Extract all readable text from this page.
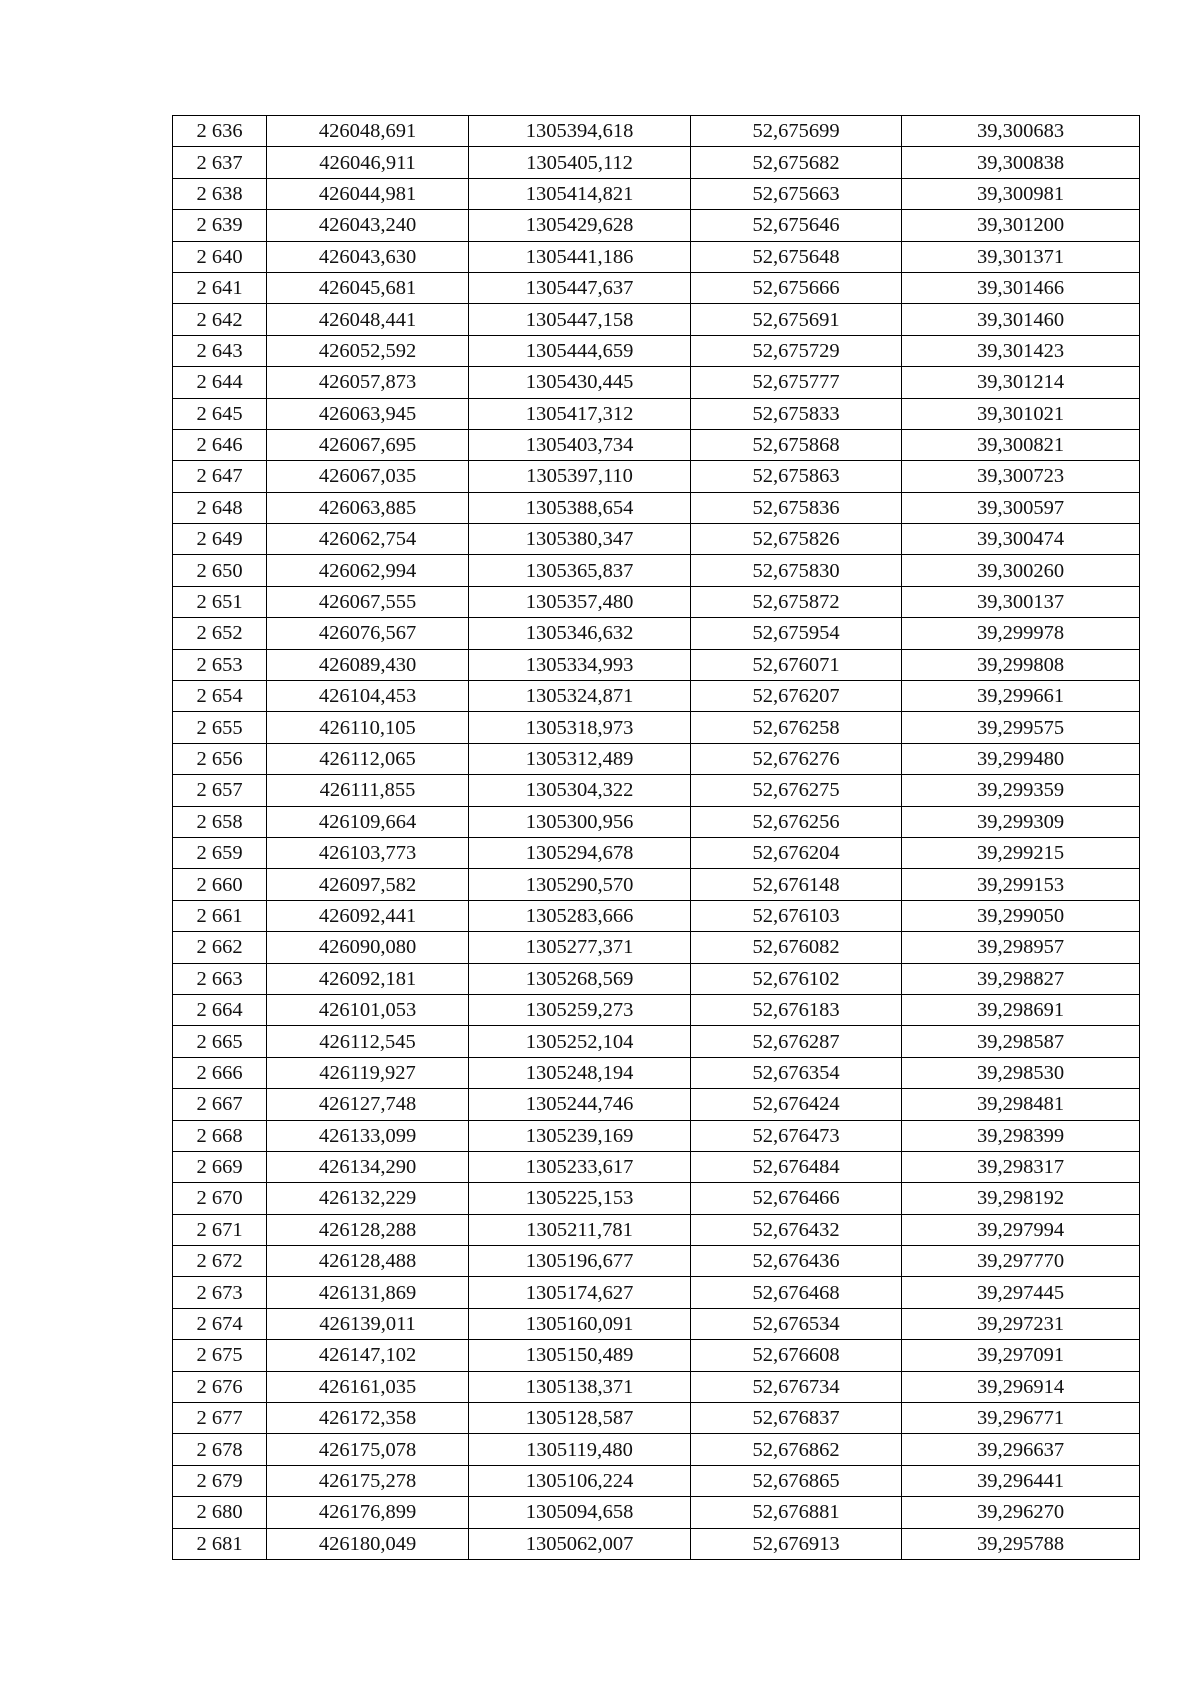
2 636	426048,691	1305394,618	52,675699	39,300683
2 637	426046,911	1305405,112	52,675682	39,300838
2 638	426044,981	1305414,821	52,675663	39,300981
2 639	426043,240	1305429,628	52,675646	39,301200
2 640	426043,630	1305441,186	52,675648	39,301371
2 641	426045,681	1305447,637	52,675666	39,301466
2 642	426048,441	1305447,158	52,675691	39,301460
2 643	426052,592	1305444,659	52,675729	39,301423
2 644	426057,873	1305430,445	52,675777	39,301214
2 645	426063,945	1305417,312	52,675833	39,301021
2 646	426067,695	1305403,734	52,675868	39,300821
2 647	426067,035	1305397,110	52,675863	39,300723
2 648	426063,885	1305388,654	52,675836	39,300597
2 649	426062,754	1305380,347	52,675826	39,300474
2 650	426062,994	1305365,837	52,675830	39,300260
2 651	426067,555	1305357,480	52,675872	39,300137
2 652	426076,567	1305346,632	52,675954	39,299978
2 653	426089,430	1305334,993	52,676071	39,299808
2 654	426104,453	1305324,871	52,676207	39,299661
2 655	426110,105	1305318,973	52,676258	39,299575
2 656	426112,065	1305312,489	52,676276	39,299480
2 657	426111,855	1305304,322	52,676275	39,299359
2 658	426109,664	1305300,956	52,676256	39,299309
2 659	426103,773	1305294,678	52,676204	39,299215
2 660	426097,582	1305290,570	52,676148	39,299153
2 661	426092,441	1305283,666	52,676103	39,299050
2 662	426090,080	1305277,371	52,676082	39,298957
2 663	426092,181	1305268,569	52,676102	39,298827
2 664	426101,053	1305259,273	52,676183	39,298691
2 665	426112,545	1305252,104	52,676287	39,298587
2 666	426119,927	1305248,194	52,676354	39,298530
2 667	426127,748	1305244,746	52,676424	39,298481
2 668	426133,099	1305239,169	52,676473	39,298399
2 669	426134,290	1305233,617	52,676484	39,298317
2 670	426132,229	1305225,153	52,676466	39,298192
2 671	426128,288	1305211,781	52,676432	39,297994
2 672	426128,488	1305196,677	52,676436	39,297770
2 673	426131,869	1305174,627	52,676468	39,297445
2 674	426139,011	1305160,091	52,676534	39,297231
2 675	426147,102	1305150,489	52,676608	39,297091
2 676	426161,035	1305138,371	52,676734	39,296914
2 677	426172,358	1305128,587	52,676837	39,296771
2 678	426175,078	1305119,480	52,676862	39,296637
2 679	426175,278	1305106,224	52,676865	39,296441
2 680	426176,899	1305094,658	52,676881	39,296270
2 681	426180,049	1305062,007	52,676913	39,295788
